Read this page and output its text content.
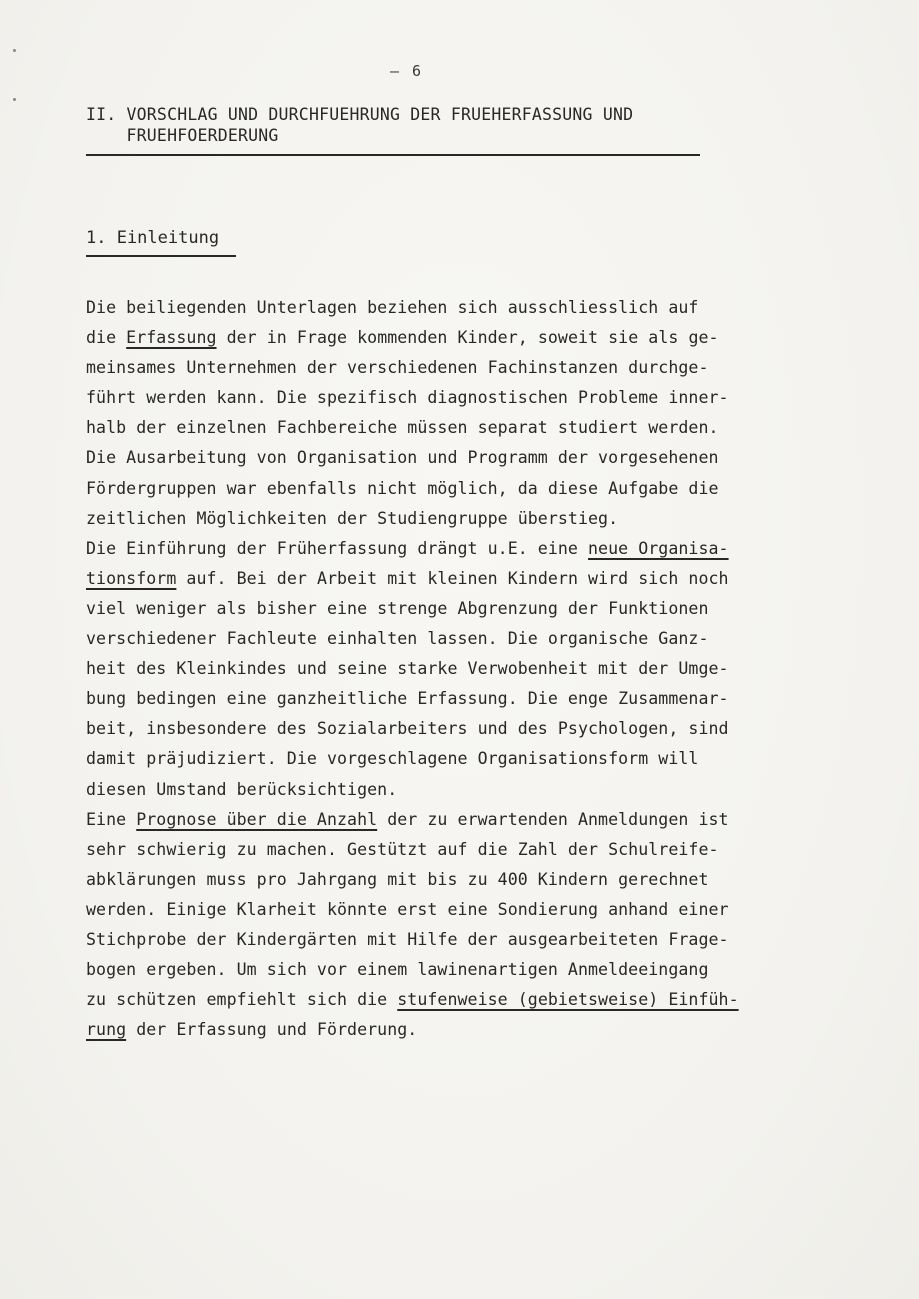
– 6
II. VORSCHLAG UND DURCHFUEHRUNG DER FRUEHERFASSUNG UND
FRUEHFOERDERUNG
1. Einleitung
Die beiliegenden Unterlagen beziehen sich ausschliesslich auf
die Erfassung der in Frage kommenden Kinder, soweit sie als ge-
meinsames Unternehmen der verschiedenen Fachinstanzen durchge-
führt werden kann. Die spezifisch diagnostischen Probleme inner-
halb der einzelnen Fachbereiche müssen separat studiert werden.
Die Ausarbeitung von Organisation und Programm der vorgesehenen
Fördergruppen war ebenfalls nicht möglich, da diese Aufgabe die
zeitlichen Möglichkeiten der Studiengruppe überstieg.
Die Einführung der Früherfassung drängt u.E. eine neue Organisa-
tionsform auf. Bei der Arbeit mit kleinen Kindern wird sich noch
viel weniger als bisher eine strenge Abgrenzung der Funktionen
verschiedener Fachleute einhalten lassen. Die organische Ganz-
heit des Kleinkindes und seine starke Verwobenheit mit der Umge-
bung bedingen eine ganzheitliche Erfassung. Die enge Zusammenar-
beit, insbesondere des Sozialarbeiters und des Psychologen, sind
damit präjudiziert. Die vorgeschlagene Organisationsform will
diesen Umstand berücksichtigen.
Eine Prognose über die Anzahl der zu erwartenden Anmeldungen ist
sehr schwierig zu machen. Gestützt auf die Zahl der Schulreife-
abklärungen muss pro Jahrgang mit bis zu 400 Kindern gerechnet
werden. Einige Klarheit könnte erst eine Sondierung anhand einer
Stichprobe der Kindergärten mit Hilfe der ausgearbeiteten Frage-
bogen ergeben. Um sich vor einem lawinenartigen Anmeldeeingang
zu schützen empfiehlt sich die stufenweise (gebietsweise) Einfüh-
rung der Erfassung und Förderung.
